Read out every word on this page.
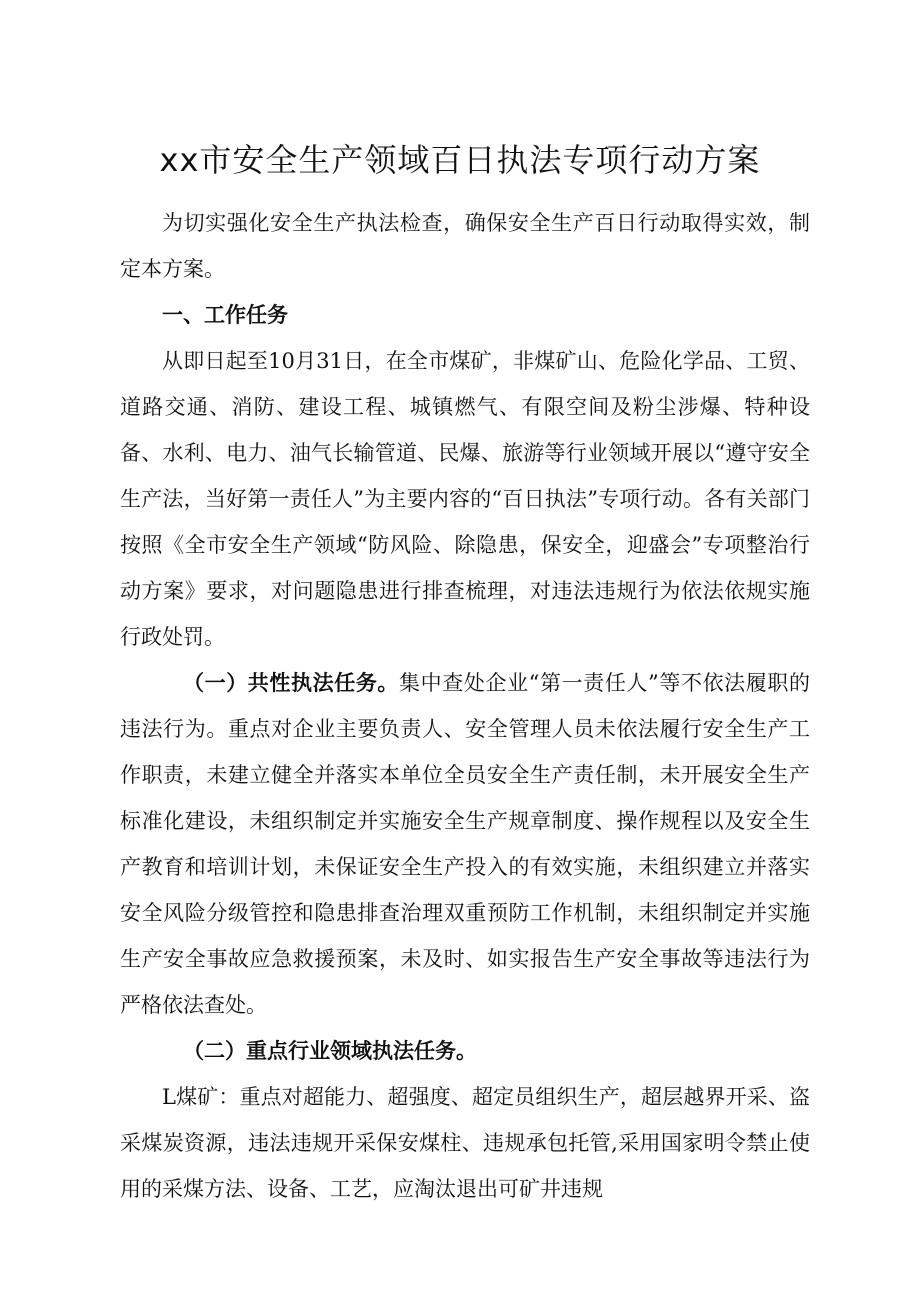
xx市安全生产领域百日执法专项行动方案

为切实强化安全生产执法检查，确保安全生产百日行动取得实效，制定本方案。

一、工作任务

从即日起至10月31日，在全市煤矿，非煤矿山、危险化学品、工贸、道路交通、消防、建设工程、城镇燃气、有限空间及粉尘涉爆、特种设备、水利、电力、油气长输管道、民爆、旅游等行业领域开展以“遵守安全生产法，当好第一责任人”为主要内容的“百日执法”专项行动。各有关部门按照《全市安全生产领域“防风险、除隐患，保安全，迎盛会”专项整治行动方案》要求，对问题隐患进行排查梳理，对违法违规行为依法依规实施行政处罚。

（一）共性执法任务。集中查处企业“第一责任人”等不依法履职的违法行为。重点对企业主要负责人、安全管理人员未依法履行安全生产工作职责，未建立健全并落实本单位全员安全生产责任制，未开展安全生产标准化建设，未组织制定并实施安全生产规章制度、操作规程以及安全生产教育和培训计划，未保证安全生产投入的有效实施，未组织建立并落实安全风险分级管控和隐患排查治理双重预防工作机制，未组织制定并实施生产安全事故应急救援预案，未及时、如实报告生产安全事故等违法行为严格依法查处。

（二）重点行业领域执法任务。

L煤矿：重点对超能力、超强度、超定员组织生产，超层越界开采、盗采煤炭资源，违法违规开采保安煤柱、违规承包托管,采用国家明令禁止使用的采煤方法、设备、工艺，应淘汰退出可矿井违规
